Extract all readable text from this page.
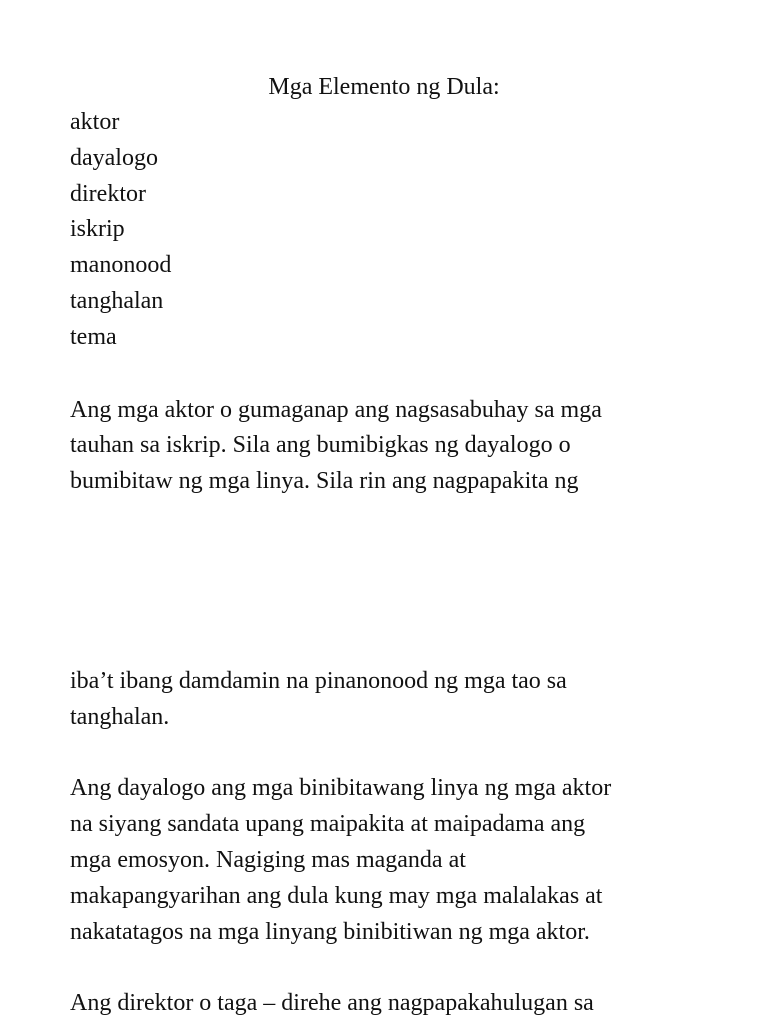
Mga Elemento ng Dula:

aktor

dayalogo

direktor

iskrip

manonood

tanghalan

tema

Ang mga aktor o gumaganap ang nagsasabuhay sa mga

tauhan sa iskrip. Sila ang bumibigkas ng dayalogo o

bumibitaw ng mga linya. Sila rin ang nagpapakita ng

iba’t ibang damdamin na pinanonood ng mga tao sa

tanghalan.

Ang dayalogo ang mga binibitawang linya ng mga aktor

na siyang sandata upang maipakita at maipadama ang

mga emosyon. Nagiging mas maganda at

makapangyarihan ang dula kung may mga malalakas at

nakatatagos na mga linyang binibitiwan ng mga aktor.

Ang direktor o taga – direhe ang nagpapakahulugan sa
